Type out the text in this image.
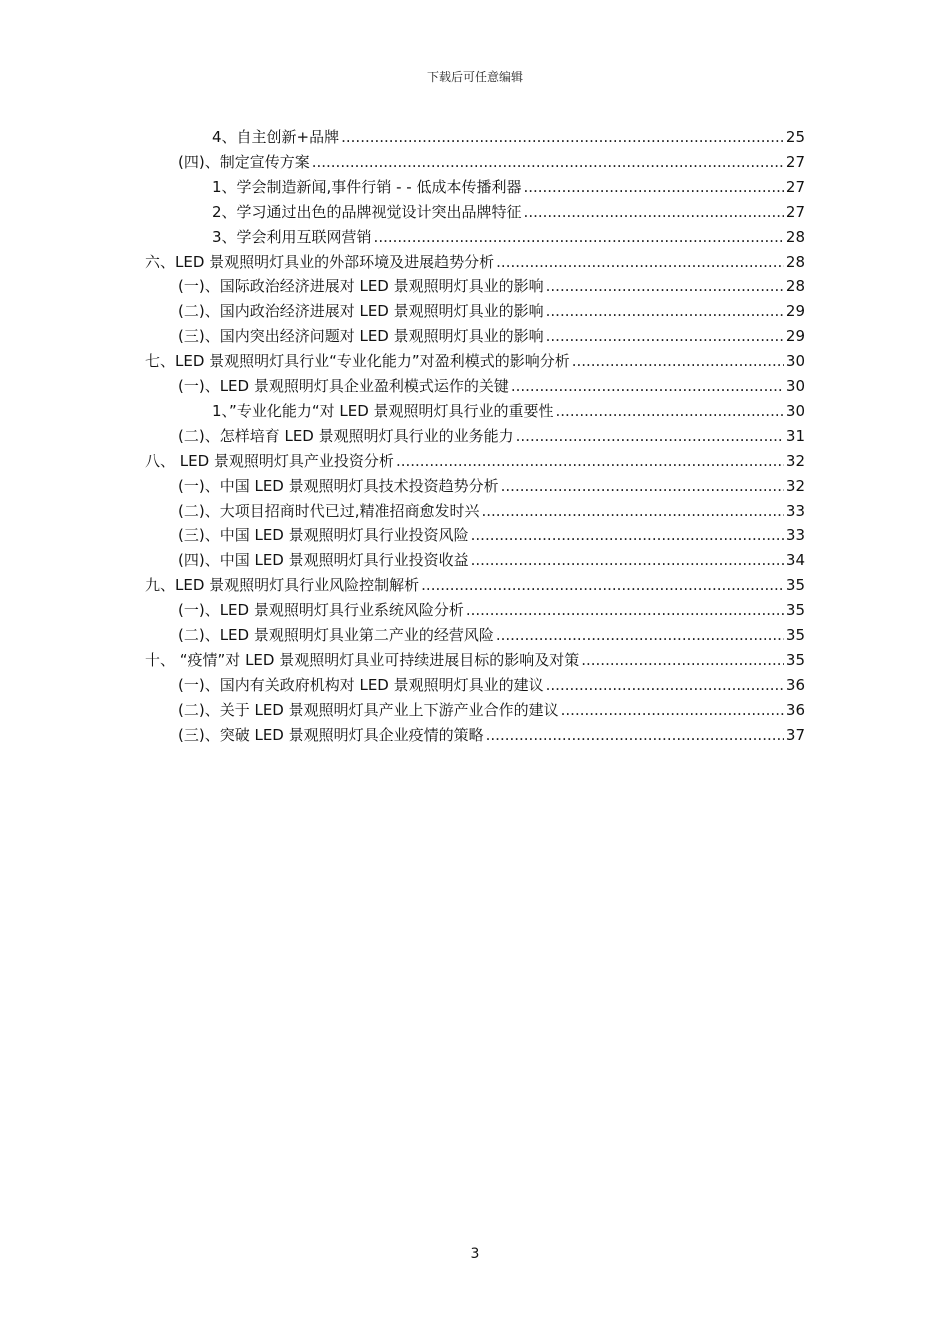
下载后可任意编辑
4、自主创新+品牌 .....	25
(四)、制定宣传方案 .....	27
1、学会制造新闻,事件行销 - - 低成本传播利器 .....	27
2、学习通过出色的品牌视觉设计突出品牌特征 .....	27
3、学会利用互联网营销 .....	28
六、LED 景观照明灯具业的外部环境及进展趋势分析 .....	28
(一)、国际政治经济进展对 LED 景观照明灯具业的影响 .....	28
(二)、国内政治经济进展对 LED 景观照明灯具业的影响 .....	29
(三)、国内突出经济问题对 LED 景观照明灯具业的影响 .....	29
七、LED 景观照明灯具行业“专业化能力”对盈利模式的影响分析 .....	30
(一)、LED 景观照明灯具企业盈利模式运作的关键 .....	30
1、”专业化能力“对 LED 景观照明灯具行业的重要性 .....	30
(二)、怎样培育 LED 景观照明灯具行业的业务能力 .....	31
八、 LED 景观照明灯具产业投资分析 .....	32
(一)、中国 LED 景观照明灯具技术投资趋势分析 .....	32
(二)、大项目招商时代已过,精准招商愈发时兴 .....	33
(三)、中国 LED 景观照明灯具行业投资风险 .....	33
(四)、中国 LED 景观照明灯具行业投资收益 .....	34
九、LED 景观照明灯具行业风险控制解析 .....	35
(一)、LED 景观照明灯具行业系统风险分析 .....	35
(二)、LED 景观照明灯具业第二产业的经营风险 .....	35
十、 “疫情”对 LED 景观照明灯具业可持续进展目标的影响及对策 .....	35
(一)、国内有关政府机构对 LED 景观照明灯具业的建议 .....	36
(二)、关于 LED 景观照明灯具产业上下游产业合作的建议 .....	36
(三)、突破 LED 景观照明灯具企业疫情的策略 .....	37
3
